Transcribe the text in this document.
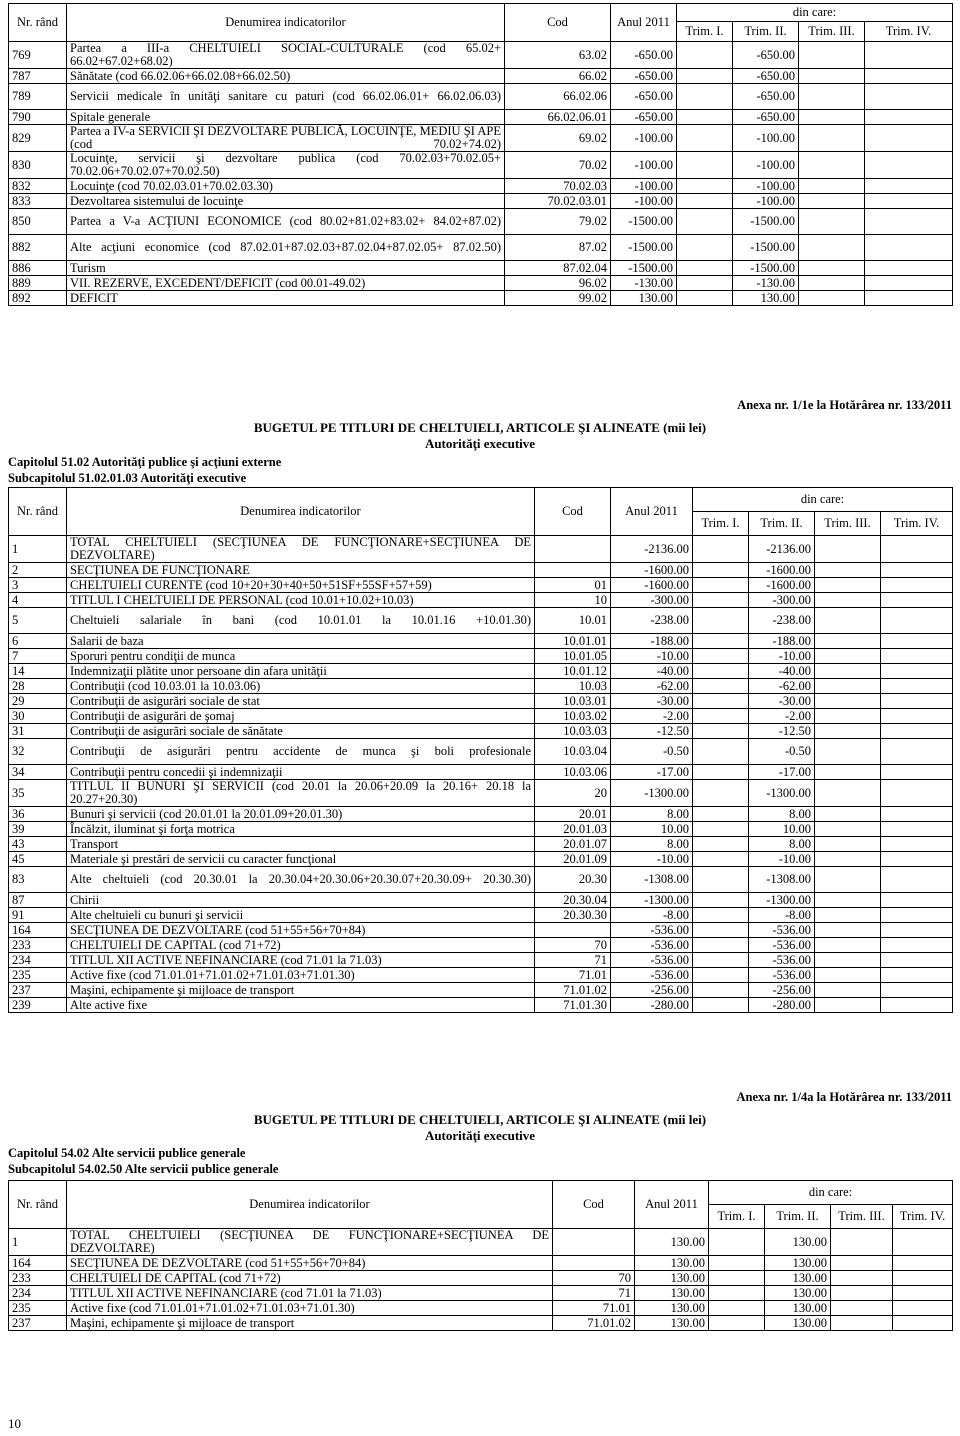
Nr. rând	Denumirea indicatorilor	Cod	Anul 2011	din care:			
				Trim. I.	Trim. II.	Trim. III.	Trim. IV.
769	Partea a III-a CHELTUIELI SOCIAL-CULTURALE (cod 65.02+ 66.02+67.02+68.02)	63.02	-650.00		-650.00		
787	Sănătate (cod 66.02.06+66.02.08+66.02.50)	66.02	-650.00		-650.00		
789	Servicii medicale în unităţi sanitare cu paturi (cod 66.02.06.01+ 66.02.06.03)	66.02.06	-650.00		-650.00		
790	Spitale generale	66.02.06.01	-650.00		-650.00		
829	Partea a IV-a SERVICII ŞI DEZVOLTARE PUBLICĂ, LOCUINŢE, MEDIU ŞI APE (cod 70.02+74.02)	69.02	-100.00		-100.00		
830	Locuinţe, servicii şi dezvoltare publica (cod 70.02.03+70.02.05+ 70.02.06+70.02.07+70.02.50)	70.02	-100.00		-100.00		
832	Locuinţe (cod 70.02.03.01+70.02.03.30)	70.02.03	-100.00		-100.00		
833	Dezvoltarea sistemului de locuinţe	70.02.03.01	-100.00		-100.00		
850	Partea a V-a ACŢIUNI ECONOMICE (cod 80.02+81.02+83.02+ 84.02+87.02)	79.02	-1500.00		-1500.00		
882	Alte acţiuni economice (cod 87.02.01+87.02.03+87.02.04+87.02.05+ 87.02.50)	87.02	-1500.00		-1500.00		
886	Turism	87.02.04	-1500.00		-1500.00		
889	VII. REZERVE, EXCEDENT/DEFICIT (cod 00.01-49.02)	96.02	-130.00		-130.00		
892	DEFICIT	99.02	130.00		130.00		
Anexa nr. 1/1e la Hotărârea nr. 133/2011
BUGETUL PE TITLURI DE CHELTUIELI, ARTICOLE ŞI ALINEATE (mii lei)
Autorităţi executive
Capitolul 51.02 Autorităţi publice şi acţiuni externe
Subcapitolul 51.02.01.03 Autorităţi executive
Nr. rând	Denumirea indicatorilor	Cod	Anul 2011	din care:			
				Trim. I.	Trim. II.	Trim. III.	Trim. IV.
1	TOTAL CHELTUIELI (SECŢIUNEA DE FUNCŢIONARE+SECŢIUNEA DE DEZVOLTARE)		-2136.00		-2136.00		
2	SECŢIUNEA DE FUNCŢIONARE		-1600.00		-1600.00		
3	CHELTUIELI CURENTE (cod 10+20+30+40+50+51SF+55SF+57+59)	01	-1600.00		-1600.00		
4	TITLUL I CHELTUIELI DE PERSONAL (cod 10.01+10.02+10.03)	10	-300.00		-300.00		
5	Cheltuieli salariale în bani (cod 10.01.01 la 10.01.16 +10.01.30)	10.01	-238.00		-238.00		
6	Salarii de baza	10.01.01	-188.00		-188.00		
7	Sporuri pentru condiţii de munca	10.01.05	-10.00		-10.00		
14	Indemnizaţii plătite unor persoane din afara unităţii	10.01.12	-40.00		-40.00		
28	Contribuţii (cod 10.03.01 la 10.03.06)	10.03	-62.00		-62.00		
29	Contribuţii de asigurări sociale de stat	10.03.01	-30.00		-30.00		
30	Contribuţii de asigurări de şomaj	10.03.02	-2.00		-2.00		
31	Contribuţii de asigurări sociale de sănătate	10.03.03	-12.50		-12.50		
32	Contribuţii de asigurări pentru accidente de munca şi boli profesionale	10.03.04	-0.50		-0.50		
34	Contribuţii pentru concedii şi indemnizaţii	10.03.06	-17.00		-17.00		
35	TITLUL II BUNURI ŞI SERVICII (cod 20.01 la 20.06+20.09 la 20.16+ 20.18 la 20.27+20.30)	20	-1300.00		-1300.00		
36	Bunuri şi servicii (cod 20.01.01 la 20.01.09+20.01.30)	20.01	8.00		8.00		
39	Încălzit, iluminat şi forţa motrica	20.01.03	10.00		10.00		
43	Transport	20.01.07	8.00		8.00		
45	Materiale şi prestări de servicii cu caracter funcţional	20.01.09	-10.00		-10.00		
83	Alte cheltuieli (cod 20.30.01 la 20.30.04+20.30.06+20.30.07+20.30.09+ 20.30.30)	20.30	-1308.00		-1308.00		
87	Chirii	20.30.04	-1300.00		-1300.00		
91	Alte cheltuieli cu bunuri şi servicii	20.30.30	-8.00		-8.00		
164	SECŢIUNEA DE DEZVOLTARE (cod 51+55+56+70+84)		-536.00		-536.00		
233	CHELTUIELI DE CAPITAL (cod 71+72)	70	-536.00		-536.00		
234	TITLUL XII ACTIVE NEFINANCIARE (cod 71.01 la 71.03)	71	-536.00		-536.00		
235	Active fixe (cod 71.01.01+71.01.02+71.01.03+71.01.30)	71.01	-536.00		-536.00		
237	Maşini, echipamente şi mijloace de transport	71.01.02	-256.00		-256.00		
239	Alte active fixe	71.01.30	-280.00		-280.00		
Anexa nr. 1/4a la Hotărârea nr. 133/2011
BUGETUL PE TITLURI DE CHELTUIELI, ARTICOLE ŞI ALINEATE (mii lei)
Autorităţi executive
Capitolul 54.02 Alte servicii publice generale
Subcapitolul 54.02.50 Alte servicii publice generale
Nr. rând	Denumirea indicatorilor	Cod	Anul 2011	din care:			
				Trim. I.	Trim. II.	Trim. III.	Trim. IV.
1	TOTAL CHELTUIELI (SECŢIUNEA DE FUNCŢIONARE+SECŢIUNEA DE DEZVOLTARE)		130.00		130.00		
164	SECŢIUNEA DE DEZVOLTARE (cod 51+55+56+70+84)		130.00		130.00		
233	CHELTUIELI DE CAPITAL (cod 71+72)	70	130.00		130.00		
234	TITLUL XII ACTIVE NEFINANCIARE (cod 71.01 la 71.03)	71	130.00		130.00		
235	Active fixe (cod 71.01.01+71.01.02+71.01.03+71.01.30)	71.01	130.00		130.00		
237	Maşini, echipamente şi mijloace de transport	71.01.02	130.00		130.00		
10
